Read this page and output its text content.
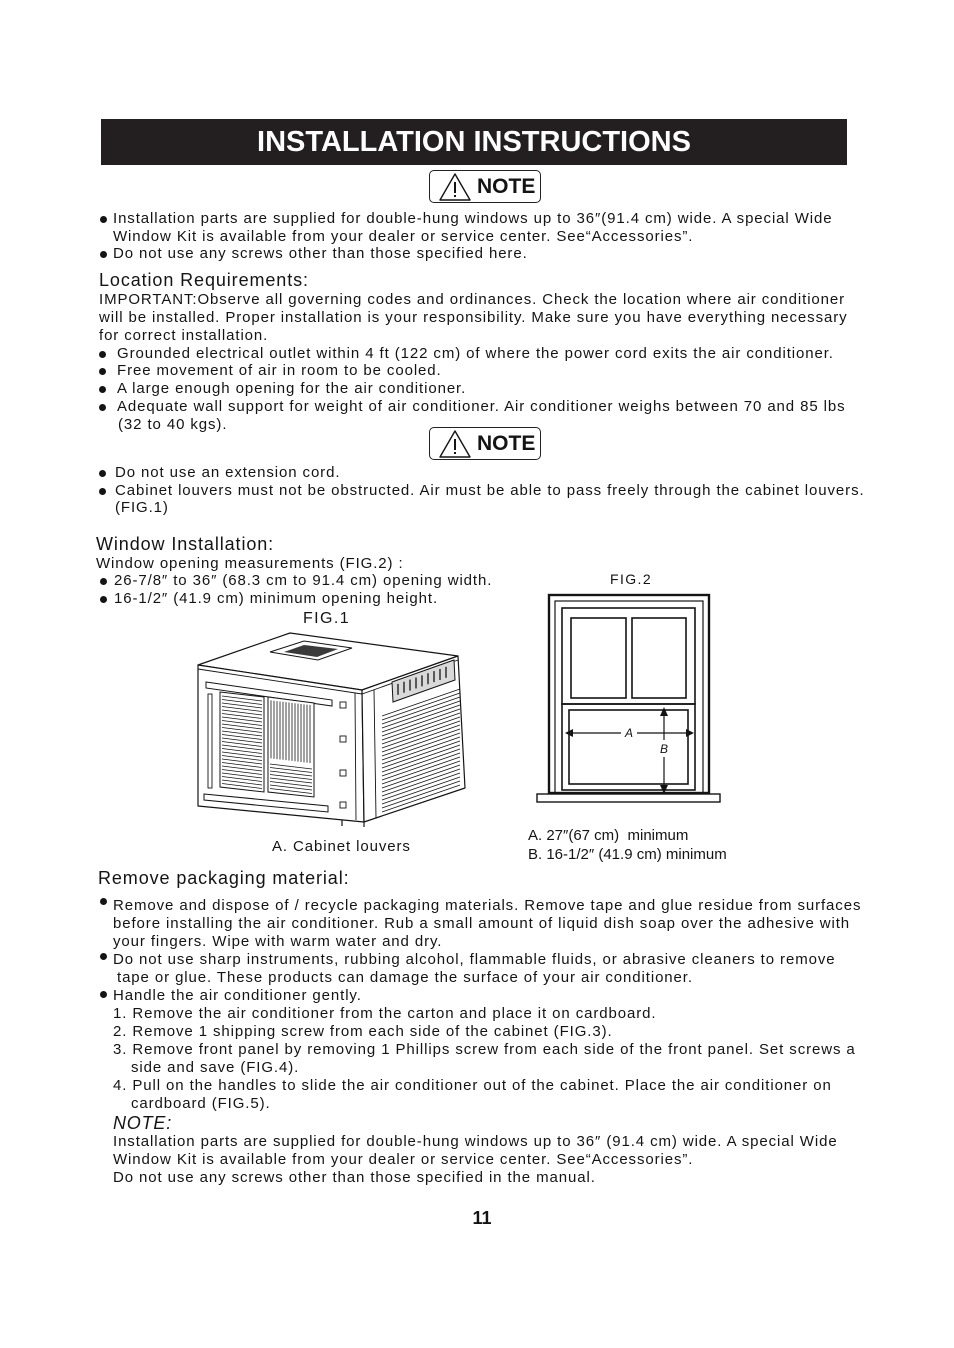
INSTALLATION INSTRUCTIONS
NOTE
Installation parts are supplied for double-hung windows up to 36″(91.4 cm) wide. A special Wide
Window Kit is available from your dealer or service center. See“Accessories”.
Do not use any screws other than those specified here.
Location Requirements:
IMPORTANT:Observe all governing codes and ordinances. Check the location where air conditioner
will be installed. Proper installation is your responsibility. Make sure you have everything necessary
for correct installation.
Grounded electrical outlet within 4 ft (122 cm) of where the power cord exits the air conditioner.
Free movement of air in room to be cooled.
A large enough opening for the air conditioner.
Adequate wall support for weight of air conditioner. Air conditioner weighs between 70 and 85 lbs
(32 to 40 kgs).
NOTE
Do not use an extension cord.
Cabinet louvers must not be obstructed. Air must be able to pass freely through the cabinet louvers.
(FIG.1)
Window Installation:
Window opening measurements (FIG.2) :
26-7/8″ to 36″ (68.3 cm to 91.4 cm) opening width.
16-1/2″ (41.9 cm) minimum opening height.
FIG.1
A. Cabinet louvers
FIG.2
A
B
A. 27″(67 cm)  minimum
B. 16-1/2″ (41.9 cm) minimum
Remove packaging material:
Remove and dispose of / recycle packaging materials. Remove tape and glue residue from surfaces
before installing the air conditioner. Rub a small amount of liquid dish soap over the adhesive with
your fingers. Wipe with warm water and dry.
Do not use sharp instruments, rubbing alcohol, flammable fluids, or abrasive cleaners to remove
tape or glue. These products can damage the surface of your air conditioner.
Handle the air conditioner gently.
1. Remove the air conditioner from the carton and place it on cardboard.
2. Remove 1 shipping screw from each side of the cabinet (FIG.3).
3. Remove front panel by removing 1 Phillips screw from each side of the front panel. Set screws a
side and save (FIG.4).
4. Pull on the handles to slide the air conditioner out of the cabinet. Place the air conditioner on
cardboard (FIG.5).
NOTE:
Installation parts are supplied for double-hung windows up to 36″ (91.4 cm) wide. A special Wide
Window Kit is available from your dealer or service center. See“Accessories”.
Do not use any screws other than those specified in the manual.
11
